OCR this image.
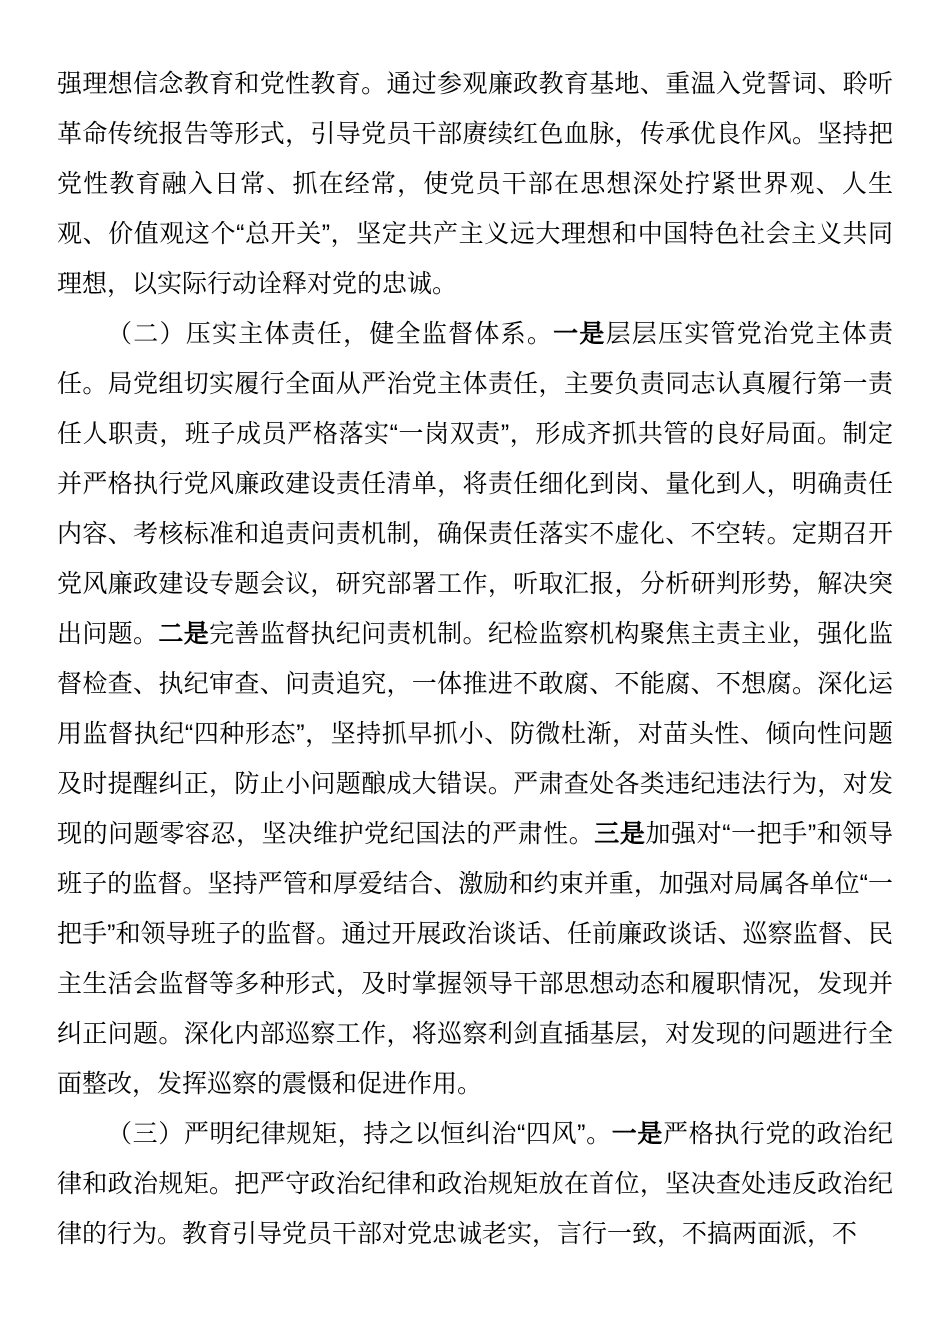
强理想信念教育和党性教育。通过参观廉政教育基地、重温入党誓词、聆听革命传统报告等形式，引导党员干部赓续红色血脉，传承优良作风。坚持把党性教育融入日常、抓在经常，使党员干部在思想深处拧紧世界观、人生观、价值观这个“总开关”，坚定共产主义远大理想和中国特色社会主义共同理想，以实际行动诠释对党的忠诚。

（二）压实主体责任，健全监督体系。一是层层压实管党治党主体责任。局党组切实履行全面从严治党主体责任，主要负责同志认真履行第一责任人职责，班子成员严格落实“一岗双责”，形成齐抓共管的良好局面。制定并严格执行党风廉政建设责任清单，将责任细化到岗、量化到人，明确责任内容、考核标准和追责问责机制，确保责任落实不虚化、不空转。定期召开党风廉政建设专题会议，研究部署工作，听取汇报，分析研判形势，解决突出问题。二是完善监督执纪问责机制。纪检监察机构聚焦主责主业，强化监督检查、执纪审查、问责追究，一体推进不敢腐、不能腐、不想腐。深化运用监督执纪“四种形态”，坚持抓早抓小、防微杜渐，对苗头性、倾向性问题及时提醒纠正，防止小问题酿成大错误。严肃查处各类违纪违法行为，对发现的问题零容忍，坚决维护党纪国法的严肃性。三是加强对“一把手”和领导班子的监督。坚持严管和厚爱结合、激励和约束并重，加强对局属各单位“一把手”和领导班子的监督。通过开展政治谈话、任前廉政谈话、巡察监督、民主生活会监督等多种形式，及时掌握领导干部思想动态和履职情况，发现并纠正问题。深化内部巡察工作，将巡察利剑直插基层，对发现的问题进行全面整改，发挥巡察的震慑和促进作用。

（三）严明纪律规矩，持之以恒纠治“四风”。一是严格执行党的政治纪律和政治规矩。把严守政治纪律和政治规矩放在首位，坚决查处违反政治纪律的行为。教育引导党员干部对党忠诚老实，言行一致，不搞两面派，不
